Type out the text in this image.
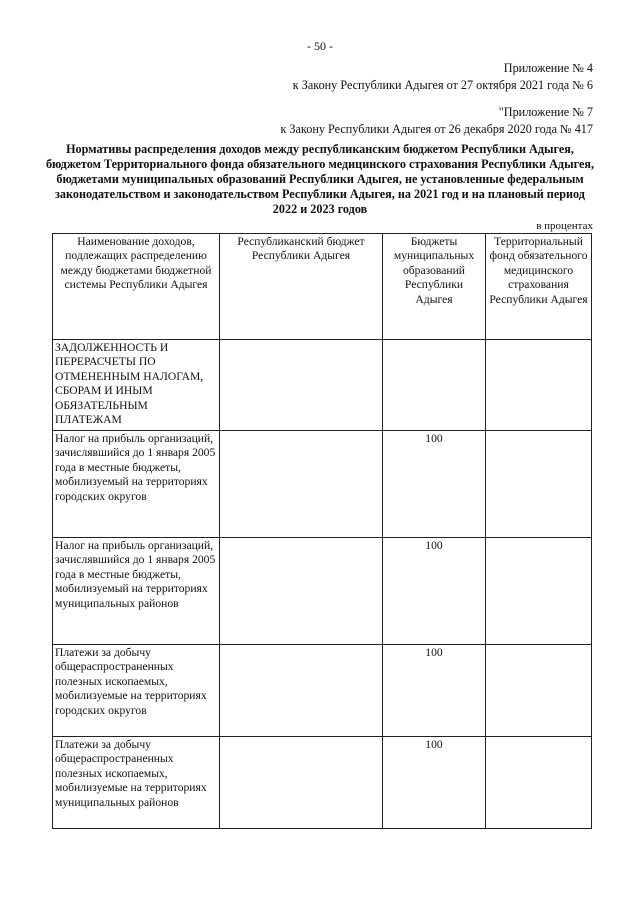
- 50 -
Приложение № 4
к Закону Республики Адыгея от 27 октября 2021 года № 6
"Приложение № 7
к Закону Республики Адыгея от 26 декабря 2020 года № 417
Нормативы распределения доходов между республиканским бюджетом Республики Адыгея, бюджетом Территориального фонда обязательного медицинского страхования Республики Адыгея, бюджетами муниципальных образований Республики Адыгея, не установленные федеральным законодательством и законодательством Республики Адыгея, на 2021 год и на плановый период 2022 и 2023 годов
в процентах
Наименование доходов, подлежащих распределению между бюджетами бюджетной системы Республики Адыгея	Республиканский бюджет Республики Адыгея	Бюджеты муниципальных образований Республики Адыгея	Территориальный фонд обязательного медицинского страхования Республики Адыгея
ЗАДОЛЖЕННОСТЬ И ПЕРЕРАСЧЕТЫ ПО ОТМЕНЕННЫМ НАЛОГАМ, СБОРАМ И ИНЫМ ОБЯЗАТЕЛЬНЫМ ПЛАТЕЖАМ			
Налог на прибыль организаций, зачислявшийся до 1 января 2005 года в местные бюджеты, мобилизуемый на территориях городских округов		100	
Налог на прибыль организаций, зачислявшийся до 1 января 2005 года в местные бюджеты, мобилизуемый на территориях муниципальных районов		100	
Платежи за добычу общераспространенных полезных ископаемых, мобилизуемые на территориях городских округов		100	
Платежи за добычу общераспространенных полезных ископаемых, мобилизуемые на территориях муниципальных районов		100	
